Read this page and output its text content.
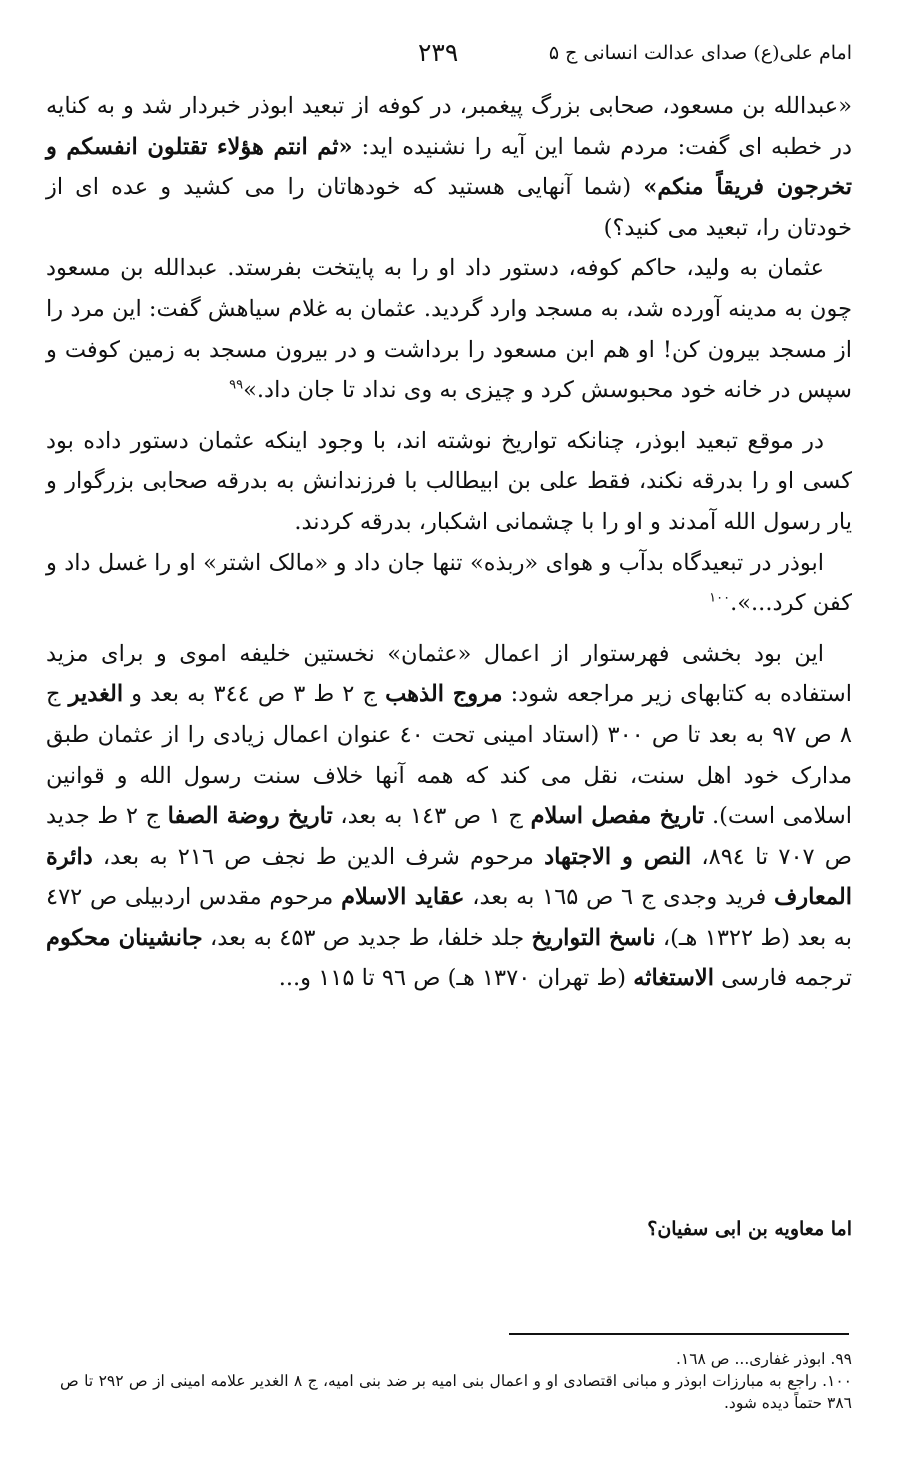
امام علی(ع) صدای عدالت انسانی ج ۵
۲۳۹

«عبدالله بن مسعود، صحابی بزرگ پیغمبر، در کوفه از تبعید ابوذر خبردار شد و به کنایه در خطبه ای گفت: مردم شما این آیه را نشنیده اید: «ثم انتم هؤلاء تقتلون انفسکم و تخرجون فریقاً منکم» (شما آنهایی هستید که خودهاتان را می کشید و عده ای از خودتان را، تبعید می کنید؟)

عثمان به ولید، حاکم کوفه، دستور داد او را به پایتخت بفرستد. عبدالله بن مسعود چون به مدینه آورده شد، به مسجد وارد گردید. عثمان به غلام سیاهش گفت: این مرد را از مسجد بیرون کن! او هم ابن مسعود را برداشت و در بیرون مسجد به زمین کوفت و سپس در خانه خود محبوسش کرد و چیزی به وی نداد تا جان داد.»$^{۹۹}$

در موقع تبعید ابوذر، چنانکه تواریخ نوشته اند، با وجود اینکه عثمان دستور داده بود کسی او را بدرقه نکند، فقط علی بن ابیطالب با فرزندانش به بدرقه صحابی بزرگوار و یار رسول الله آمدند و او را با چشمانی اشکبار، بدرقه کردند.

ابوذر در تبعیدگاه بدآب و هوای «ربذه» تنها جان داد و «مالک اشتر» او را غسل داد و کفن کرد...».$^{۱۰۰}$

این بود بخشی فهرستوار از اعمال «عثمان» نخستین خلیفه اموی و برای مزید استفاده به کتابهای زیر مراجعه شود: مروج الذهب ج ۲ ط ۳ ص ۳٤٤ به بعد و الغدیر ج ۸ ص ۹۷ به بعد تا ص ۳۰۰ (استاد امینی تحت ٤۰ عنوان اعمال زیادی را از عثمان طبق مدارک خود اهل سنت، نقل می کند که همه آنها خلاف سنت رسول الله و قوانین اسلامی است). تاریخ مفصل اسلام ج ۱ ص ۱٤۳ به بعد، تاریخ روضة الصفا ج ۲ ط جدید ص ۷۰۷ تا ۸۹٤، النص و الاجتهاد مرحوم شرف الدین ط نجف ص ۲۱٦ به بعد، دائرة المعارف فرید وجدی ج ٦ ص ۱٦۵ به بعد، عقاید الاسلام مرحوم مقدس اردبیلی ص ٤۷۲ به بعد (ط ۱۳۲۲ هـ)، ناسخ التواریخ جلد خلفا، ط جدید ص ٤۵۳ به بعد، جانشینان محکوم ترجمه فارسی الاستغاثه (ط تهران ۱۳۷۰ هـ) ص ۹٦ تا ۱۱۵ و...

اما معاویه بن ابی سفیان؟

۹۹. ابوذر غفاری... ص ۱٦۸.

۱۰۰. راجع به مبارزات ابوذر و مبانی اقتصادی او و اعمال بنی امیه بر ضد بنی امیه، ج ۸ الغدیر علامه امینی از ص ۲۹۲ تا ص ۳۸٦ حتماً دیده شود.
